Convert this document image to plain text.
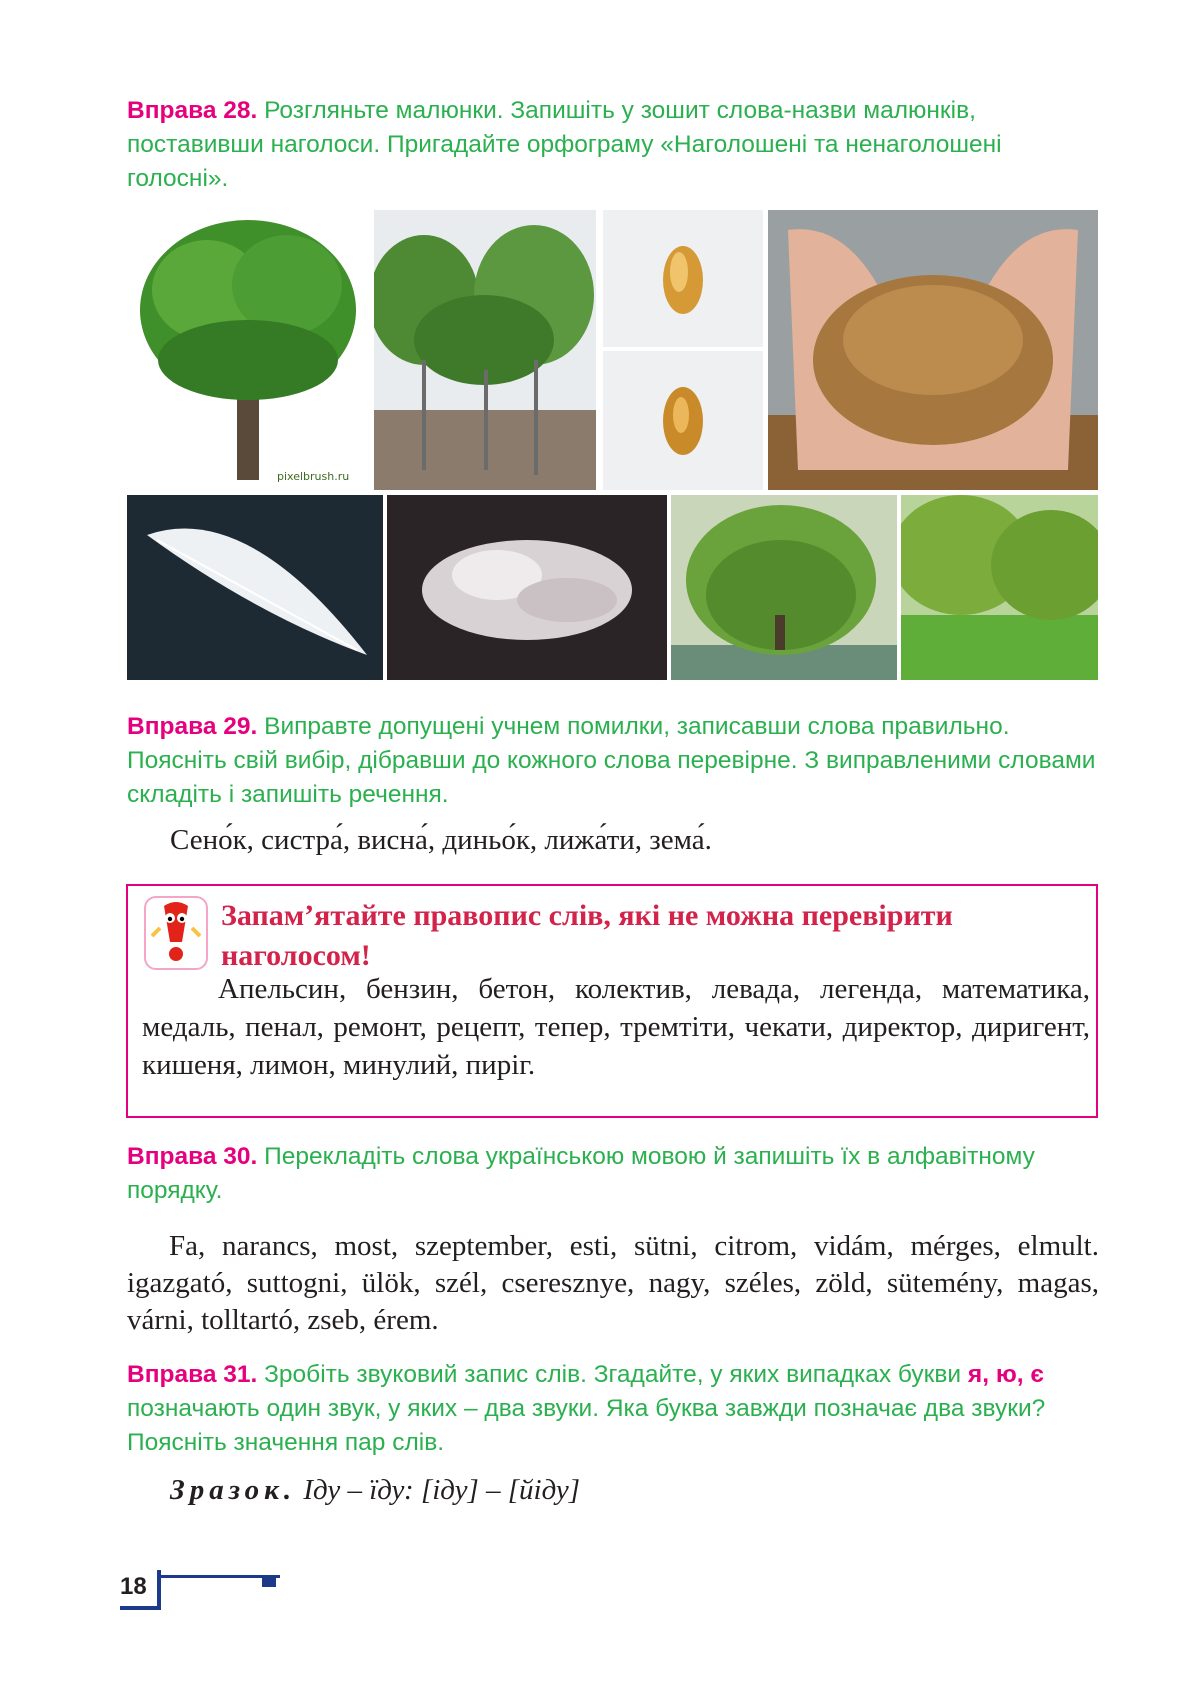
Вправа 28. Розгляньте малюнки. Запишіть у зошит слова-назви малюнків, поставивши наголоси. Пригадайте орфограму «Наголошені та ненаголошені голосні».
pixelbrush.ru
Вправа 29. Виправте допущені учнем помилки, записавши слова правильно. Поясніть свій вибір, дібравши до кожного слова перевірне. З виправленими словами складіть і запишіть речення.
Сено́к, систра́, висна́, диньо́к, лижа́ти, зема́.
Запам’ятайте правопис слів, які не можна перевірити наголосом!
Апельсин, бензин, бетон, колектив, левада, легенда, математика, медаль, пенал, ремонт, рецепт, тепер, тремтіти, чекати, директор, диригент, кишеня, лимон, минулий, пиріг.
Вправа 30. Перекладіть слова українською мовою й запишіть їх в алфавітному порядку.
Fa, narancs, most, szeptember, esti, sütni, citrom, vidám, mérges, elmult. igazgató, suttogni, ülök, szél, cseresznye, nagy, széles, zöld, sütemény, magas, várni, tolltartó, zseb, érem.
Вправа 31. Зробіть звуковий запис слів. Згадайте, у яких випадках букви я, ю, є позначають один звук, у яких – два звуки. Яка буква завжди позначає два звуки? Поясніть значення пар слів.
Зразок. Іду – їду: [іду] – [йіду]
18
